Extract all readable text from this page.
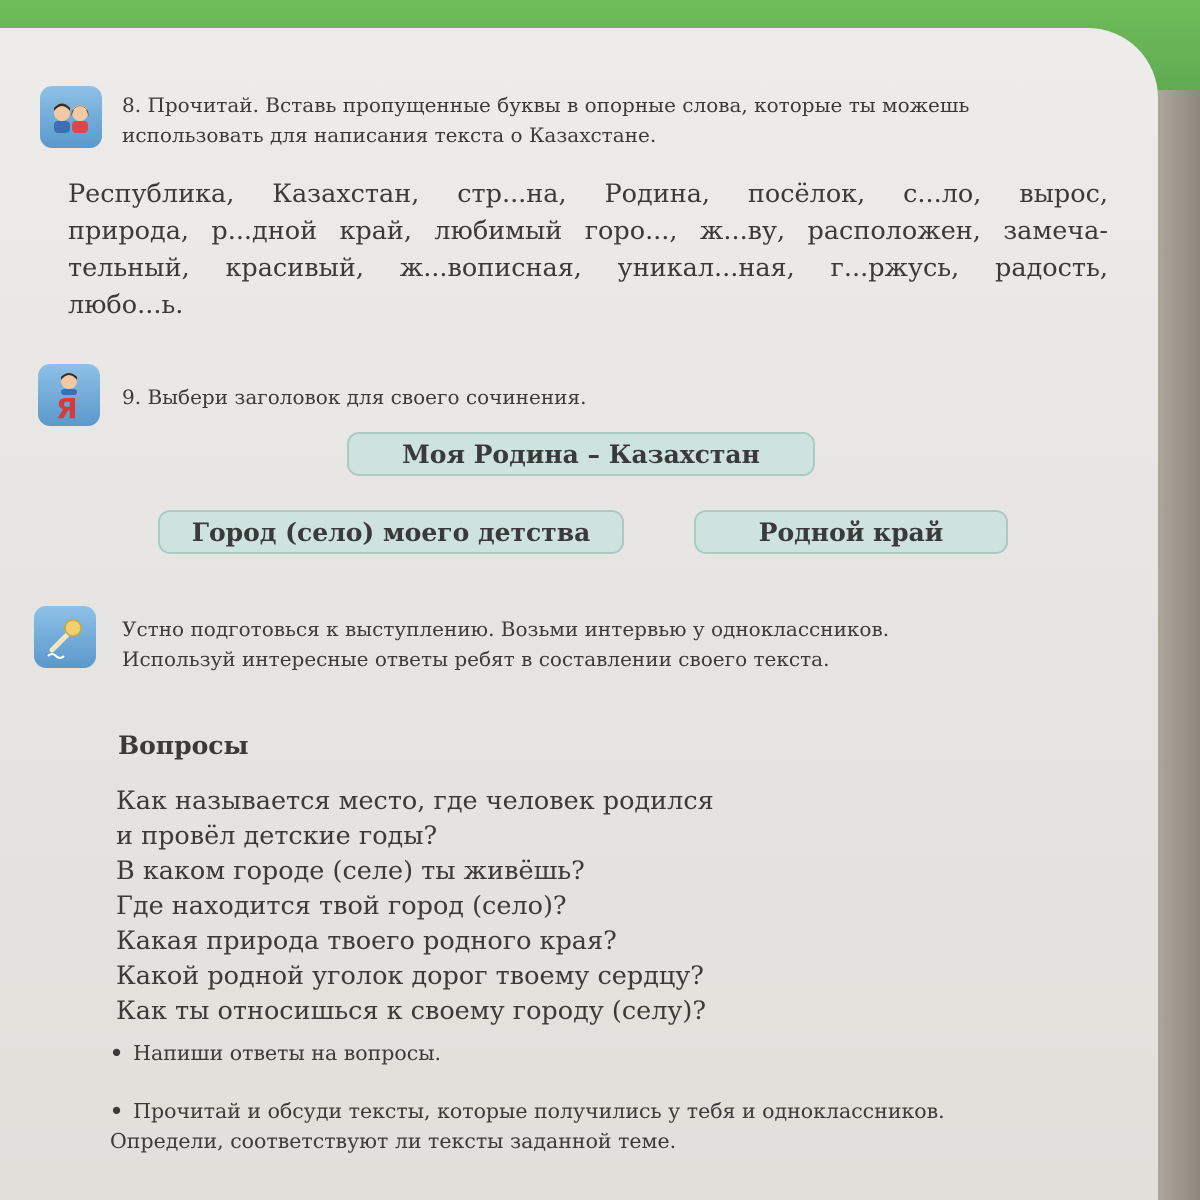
8. Прочитай. Вставь пропущенные буквы в опорные слова, которые ты можешь
использовать для написания текста о Казахстане.
Республика, Казахстан, стр...на, Родина, посёлок, с...ло, вырос,
природа, р...дной край, любимый горо..., ж...ву, расположен, замеча-
тельный, красивый, ж...вописная, уникал...ная, г...ржусь, радость,
любо...ь.
Я 9. Выбери заголовок для своего сочинения.
Моя Родина – Казахстан
Город (село) моего детства	Родной край
Устно подготовься к выступлению. Возьми интервью у одноклассников.
Используй интересные ответы ребят в составлении своего текста.
Вопросы
Как называется место, где человек родился
и провёл детские годы?
В каком городе (селе) ты живёшь?
Где находится твой город (село)?
Какая природа твоего родного края?
Какой родной уголок дорог твоему сердцу?
Как ты относишься к своему городу (селу)?
• Напиши ответы на вопросы.
• Прочитай и обсуди тексты, которые получились у тебя и одноклассников.
Определи, соответствуют ли тексты заданной теме.
